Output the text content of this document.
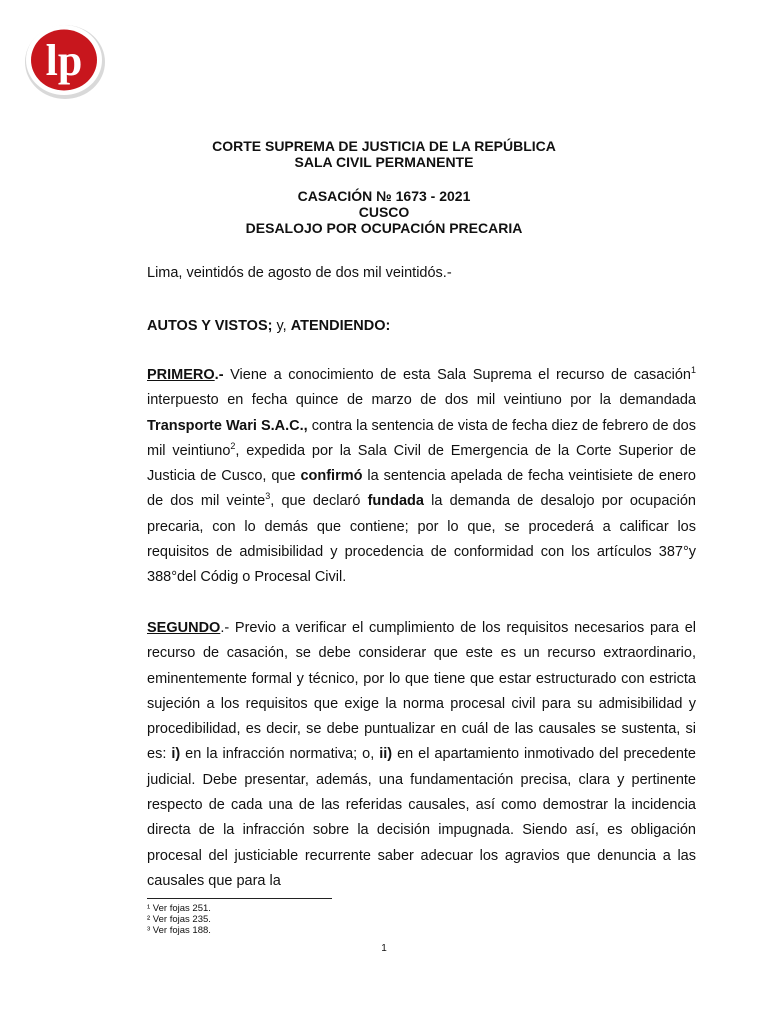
lp
CORTE SUPREMA DE JUSTICIA DE LA REPÚBLICA
SALA CIVIL PERMANENTE
CASACIÓN № 1673 - 2021
CUSCO
DESALOJO POR OCUPACIÓN PRECARIA
Lima, veintidós de agosto de dos mil veintidós.-
AUTOS Y VISTOS; y, ATENDIENDO:
PRIMERO.- Viene a conocimiento de esta Sala Suprema el recurso de casación$^1$ interpuesto en fecha quince de marzo de dos mil veintiuno por la demandada Transporte Wari S.A.C., contra la sentencia de vista de fecha diez de febrero de dos mil veintiuno$^2$, expedida por la Sala Civil de Emergencia de la Corte Superior de Justicia de Cusco, que confirmó la sentencia apelada de fecha veintisiete de enero de dos mil veinte$^3$, que declaró fundada la demanda de desalojo por ocupación precaria, con lo demás que contiene; por lo que, se procederá a calificar los requisitos de admisibilidad y procedencia de conformidad con los artículos 387°y 388°del Códig o Procesal Civil.
SEGUNDO.- Previo a verificar el cumplimiento de los requisitos necesarios para el recurso de casación, se debe considerar que este es un recurso extraordinario, eminentemente formal y técnico, por lo que tiene que estar estructurado con estricta sujeción a los requisitos que exige la norma procesal civil para su admisibilidad y procedibilidad, es decir, se debe puntualizar en cuál de las causales se sustenta, si es: i) en la infracción normativa; o, ii) en el apartamiento inmotivado del precedente judicial. Debe presentar, además, una fundamentación precisa, clara y pertinente respecto de cada una de las referidas causales, así como demostrar la incidencia directa de la infracción sobre la decisión impugnada. Siendo así, es obligación procesal del justiciable recurrente saber adecuar los agravios que denuncia a las causales que para la
¹ Ver fojas 251.
² Ver fojas 235.
³ Ver fojas 188.
1
